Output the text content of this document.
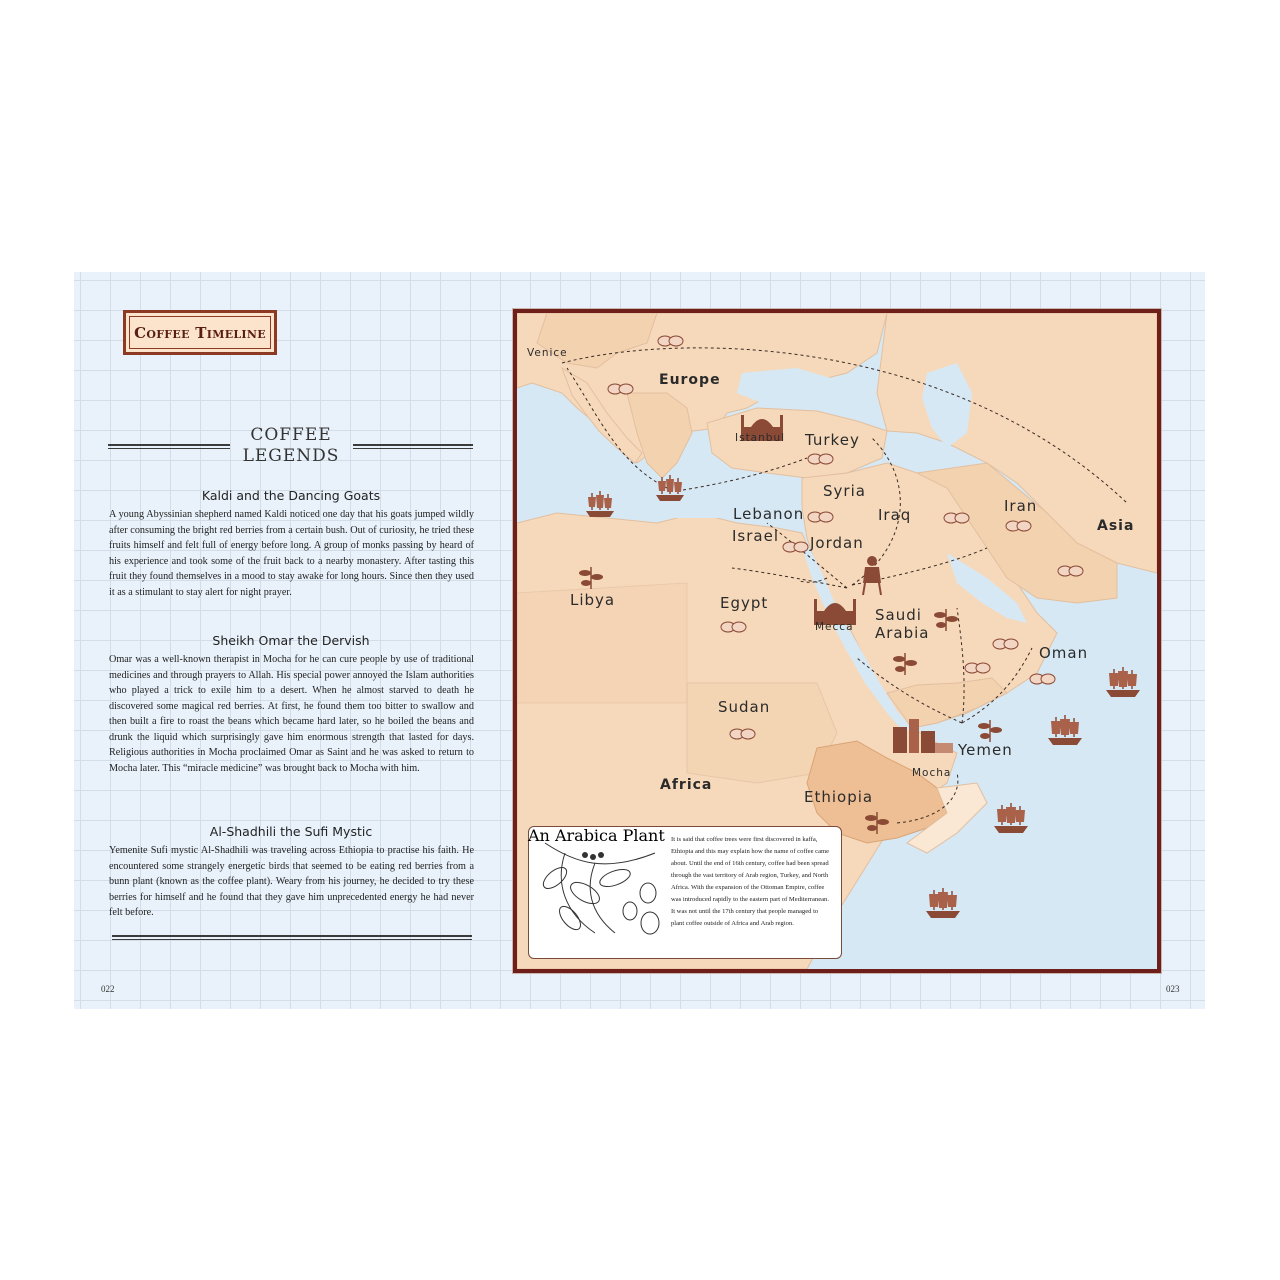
Coffee Timeline
COFFEE
LEGENDS
Kaldi and the Dancing Goats
A young Abyssinian shepherd named Kaldi noticed one day that his goats jumped wildly after consuming the bright red berries from a certain bush. Out of curiosity, he tried these fruits himself and felt full of energy before long. A group of monks passing by heard of his experience and took some of the fruit back to a nearby monastery. After tasting this fruit they found themselves in a mood to stay awake for long hours. Since then they used it as a stimulant to stay alert for night prayer.
Sheikh Omar the Dervish
Omar was a well-known therapist in Mocha for he can cure people by use of traditional medicines and through prayers to Allah. His special power annoyed the Islam authorities who played a trick to exile him to a desert. When he almost starved to death he discovered some magical red berries. At first, he found them too bitter to swallow and then built a fire to roast the beans which became hard later, so he boiled the beans and drunk the liquid which surprisingly gave him enormous strength that lasted for days. Religious authorities in Mocha proclaimed Omar as Saint and he was asked to return to Mocha later. This “miracle medicine” was brought back to Mocha with him.
Al-Shadhili the Sufi Mystic
Yemenite Sufi mystic Al-Shadhili was traveling across Ethiopia to practise his faith. He encountered some strangely energetic birds that seemed to be eating red berries from a bunn plant (known as the coffee plant). Weary from his journey, he decided to try these berries for himself and he found that they gave him unprecedented energy he had never felt before.
022	023
Venice
Europe
Istanbul Turkey
Syria
Iran
Asia
Lebanon	Iraq
Israel Jordan
Libya	Egypt
Mecca
Saudi
Arabia
Oman
Sudan
Yemen
Mocha
Africa
Ethiopia
An Arabica Plant It is said that coffee trees were first discovered in kaffa, Ethiopia and this may explain how the name of coffee came about. Until the end of 16th century, coffee had been spread through the vast territory of Arab region, Turkey, and North Africa. With the expansion of the Ottoman Empire, coffee was introduced rapidly to the eastern part of Mediterranean. It was not until the 17th century that people managed to plant coffee outside of Africa and Arab region.
